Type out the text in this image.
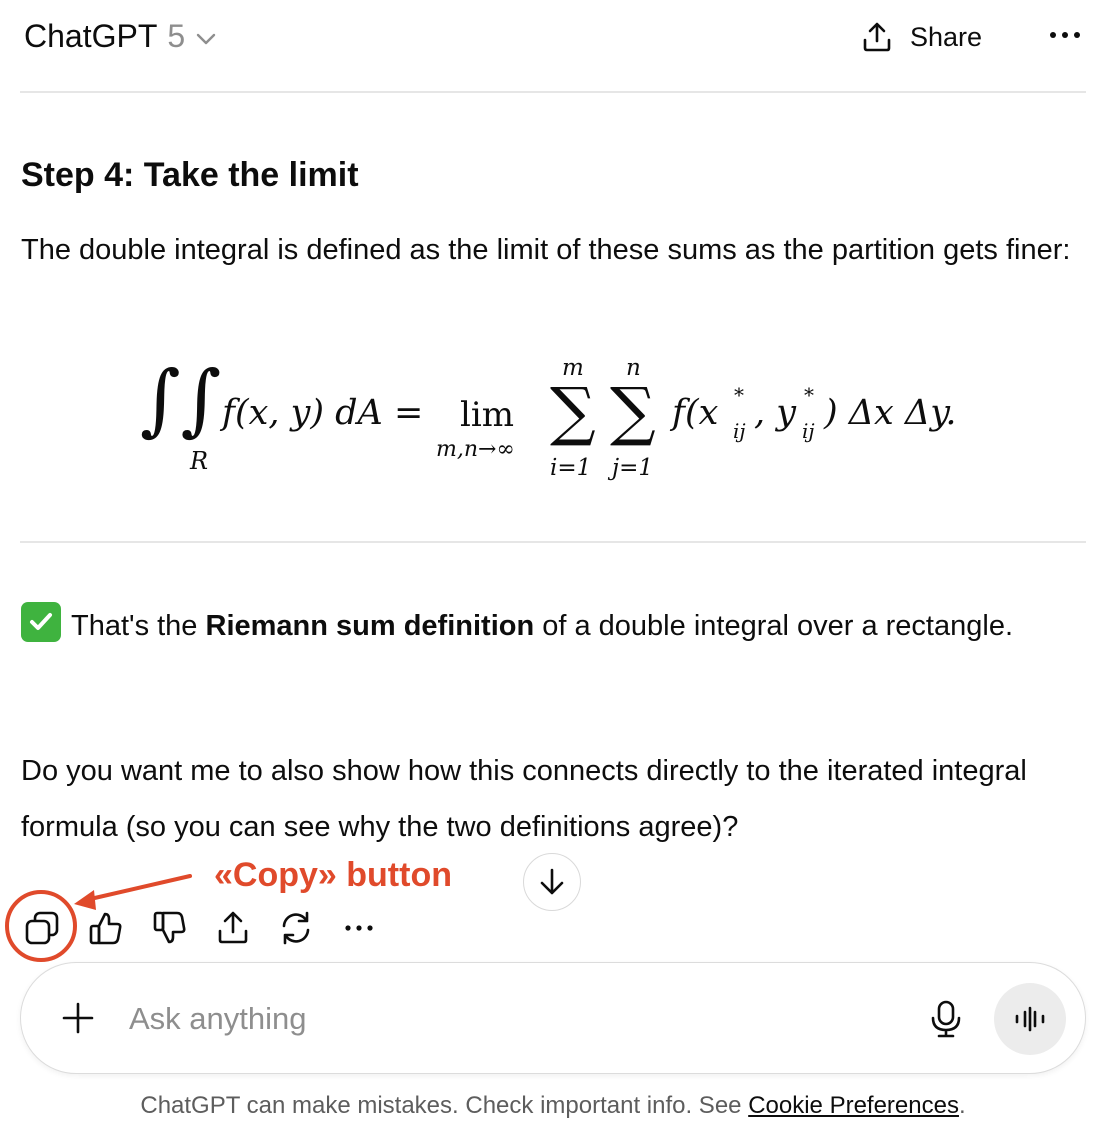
ChatGPT 5	Share
Step 4: Take the limit

The double integral is defined as the limit of these sums as the partition gets finer:

∫∫
R
f(x, y) dA = lim
m,n→∞
∑
m
i=1
∑
n
j=1
f(x *
ij , y *
ij ) Δx Δy.

That's the Riemann sum definition of a double integral over a rectangle.

Do you want me to also show how this connects directly to the iterated integral formula (so you can see why the two definitions agree)?

«Copy» button
Ask anything
ChatGPT can make mistakes. Check important info. See Cookie Preferences.
